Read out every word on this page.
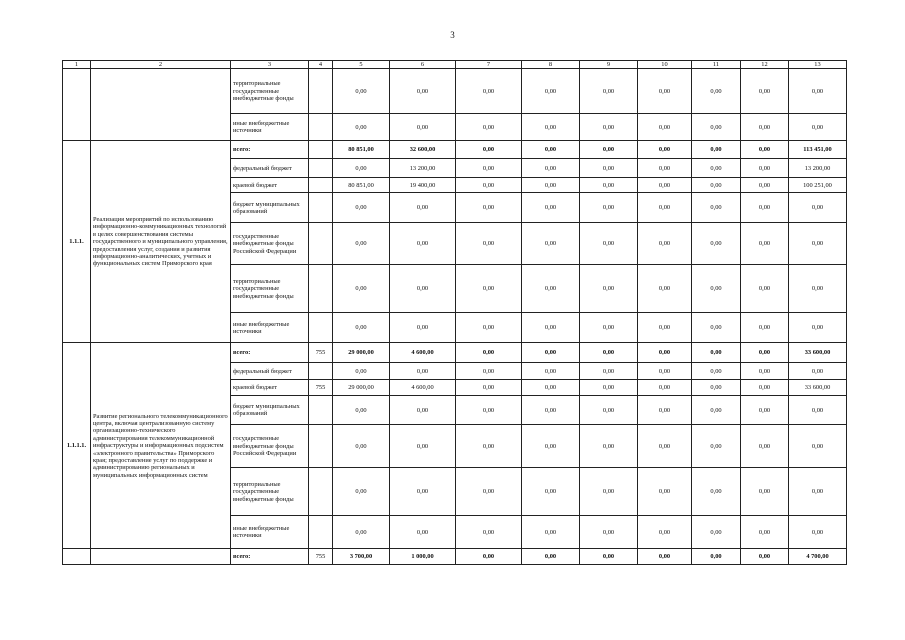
3
1	2	3	4	5	6	7	8	9	10	11	12	13
		территориальные государственные внебюджетные фонды		0,00	0,00	0,00	0,00	0,00	0,00	0,00	0,00	0,00
		иные внебюджетные источники		0,00	0,00	0,00	0,00	0,00	0,00	0,00	0,00	0,00
1.1.1.	Реализация мероприятий по использованию информационно-коммуникационных технологий в целях совершенствования системы государственного и муниципального управления, предоставления услуг, создания и развития информационно-аналитических, учетных и функциональных систем Приморского края	всего:		80 851,00	32 600,00	0,00	0,00	0,00	0,00	0,00	0,00	113 451,00
		федеральный бюджет		0,00	13 200,00	0,00	0,00	0,00	0,00	0,00	0,00	13 200,00
		краевой бюджет		80 851,00	19 400,00	0,00	0,00	0,00	0,00	0,00	0,00	100 251,00
		бюджет муниципальных образований		0,00	0,00	0,00	0,00	0,00	0,00	0,00	0,00	0,00
		государственные внебюджетные фонды Российской Федерации		0,00	0,00	0,00	0,00	0,00	0,00	0,00	0,00	0,00
		территориальные государственные внебюджетные фонды		0,00	0,00	0,00	0,00	0,00	0,00	0,00	0,00	0,00
		иные внебюджетные источники		0,00	0,00	0,00	0,00	0,00	0,00	0,00	0,00	0,00
1.1.1.1.	Развитие регионального телекоммуникационного центра, включая централизованную систему организационно-технического администрирования телекоммуникационной инфраструктуры и информационных подсистем «электронного правительства» Приморского края; предоставление услуг по поддержке и администрированию региональных и муниципальных информационных систем	всего:	755	29 000,00	4 600,00	0,00	0,00	0,00	0,00	0,00	0,00	33 600,00
		федеральный бюджет		0,00	0,00	0,00	0,00	0,00	0,00	0,00	0,00	0,00
		краевой бюджет	755	29 000,00	4 600,00	0,00	0,00	0,00	0,00	0,00	0,00	33 600,00
		бюджет муниципальных образований		0,00	0,00	0,00	0,00	0,00	0,00	0,00	0,00	0,00
		государственные внебюджетные фонды Российской Федерации		0,00	0,00	0,00	0,00	0,00	0,00	0,00	0,00	0,00
		территориальные государственные внебюджетные фонды		0,00	0,00	0,00	0,00	0,00	0,00	0,00	0,00	0,00
		иные внебюджетные источники		0,00	0,00	0,00	0,00	0,00	0,00	0,00	0,00	0,00
		всего:	755	3 700,00	1 000,00	0,00	0,00	0,00	0,00	0,00	0,00	4 700,00
